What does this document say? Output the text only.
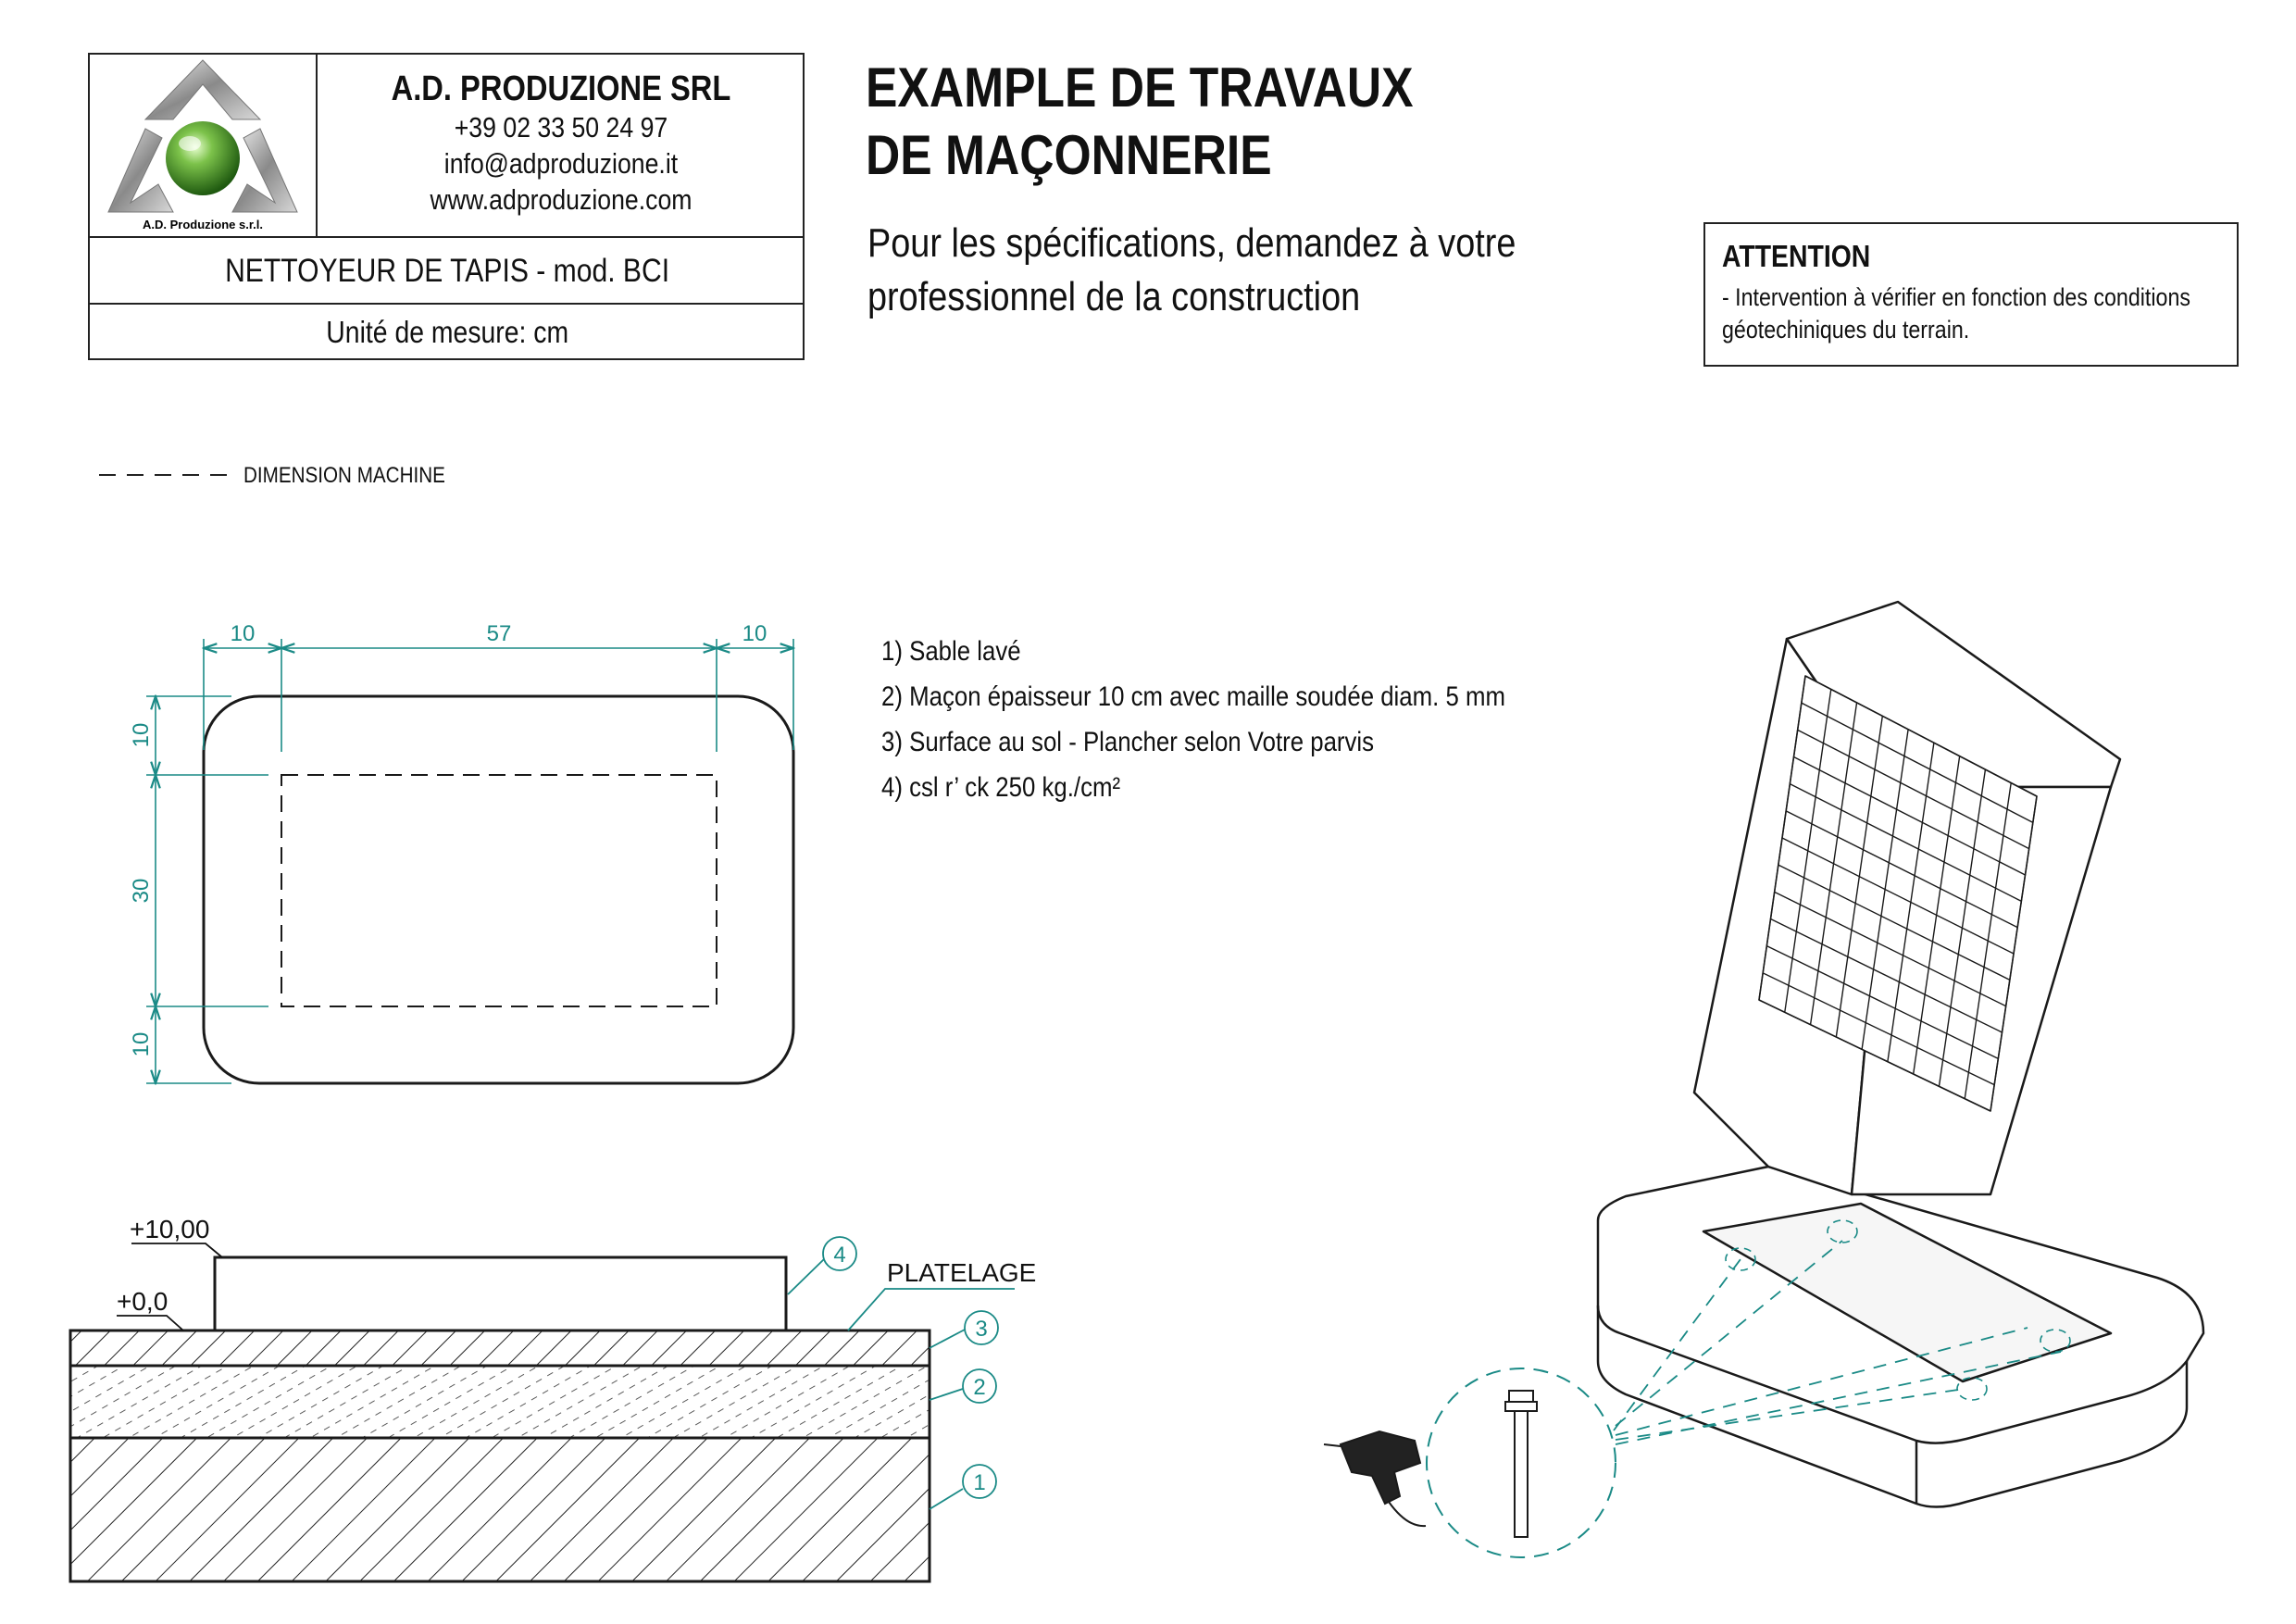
A.D. Produzione s.r.l.
A.D. PRODUZIONE SRL
+39 02 33 50 24 97
info@adproduzione.it
www.adproduzione.com
NETTOYEUR DE TAPIS - mod. BCI
Unité de mesure: cm
EXAMPLE DE TRAVAUX
DE MAÇONNERIE
Pour les spécifications, demandez à votre
professionnel de la construction
ATTENTION
- Intervention à vérifier en fonction des conditions
géotechiniques du terrain.
DIMENSION MACHINE
1) Sable lavé
2) Maçon épaisseur 10 cm avec maille soudée diam. 5 mm
3) Surface au sol - Plancher selon Votre parvis
4) csl r’ ck 250 kg./cm²
10	57	10
10
30
10
+10,00
+0,0
PLATELAGE
4
3
2
1
